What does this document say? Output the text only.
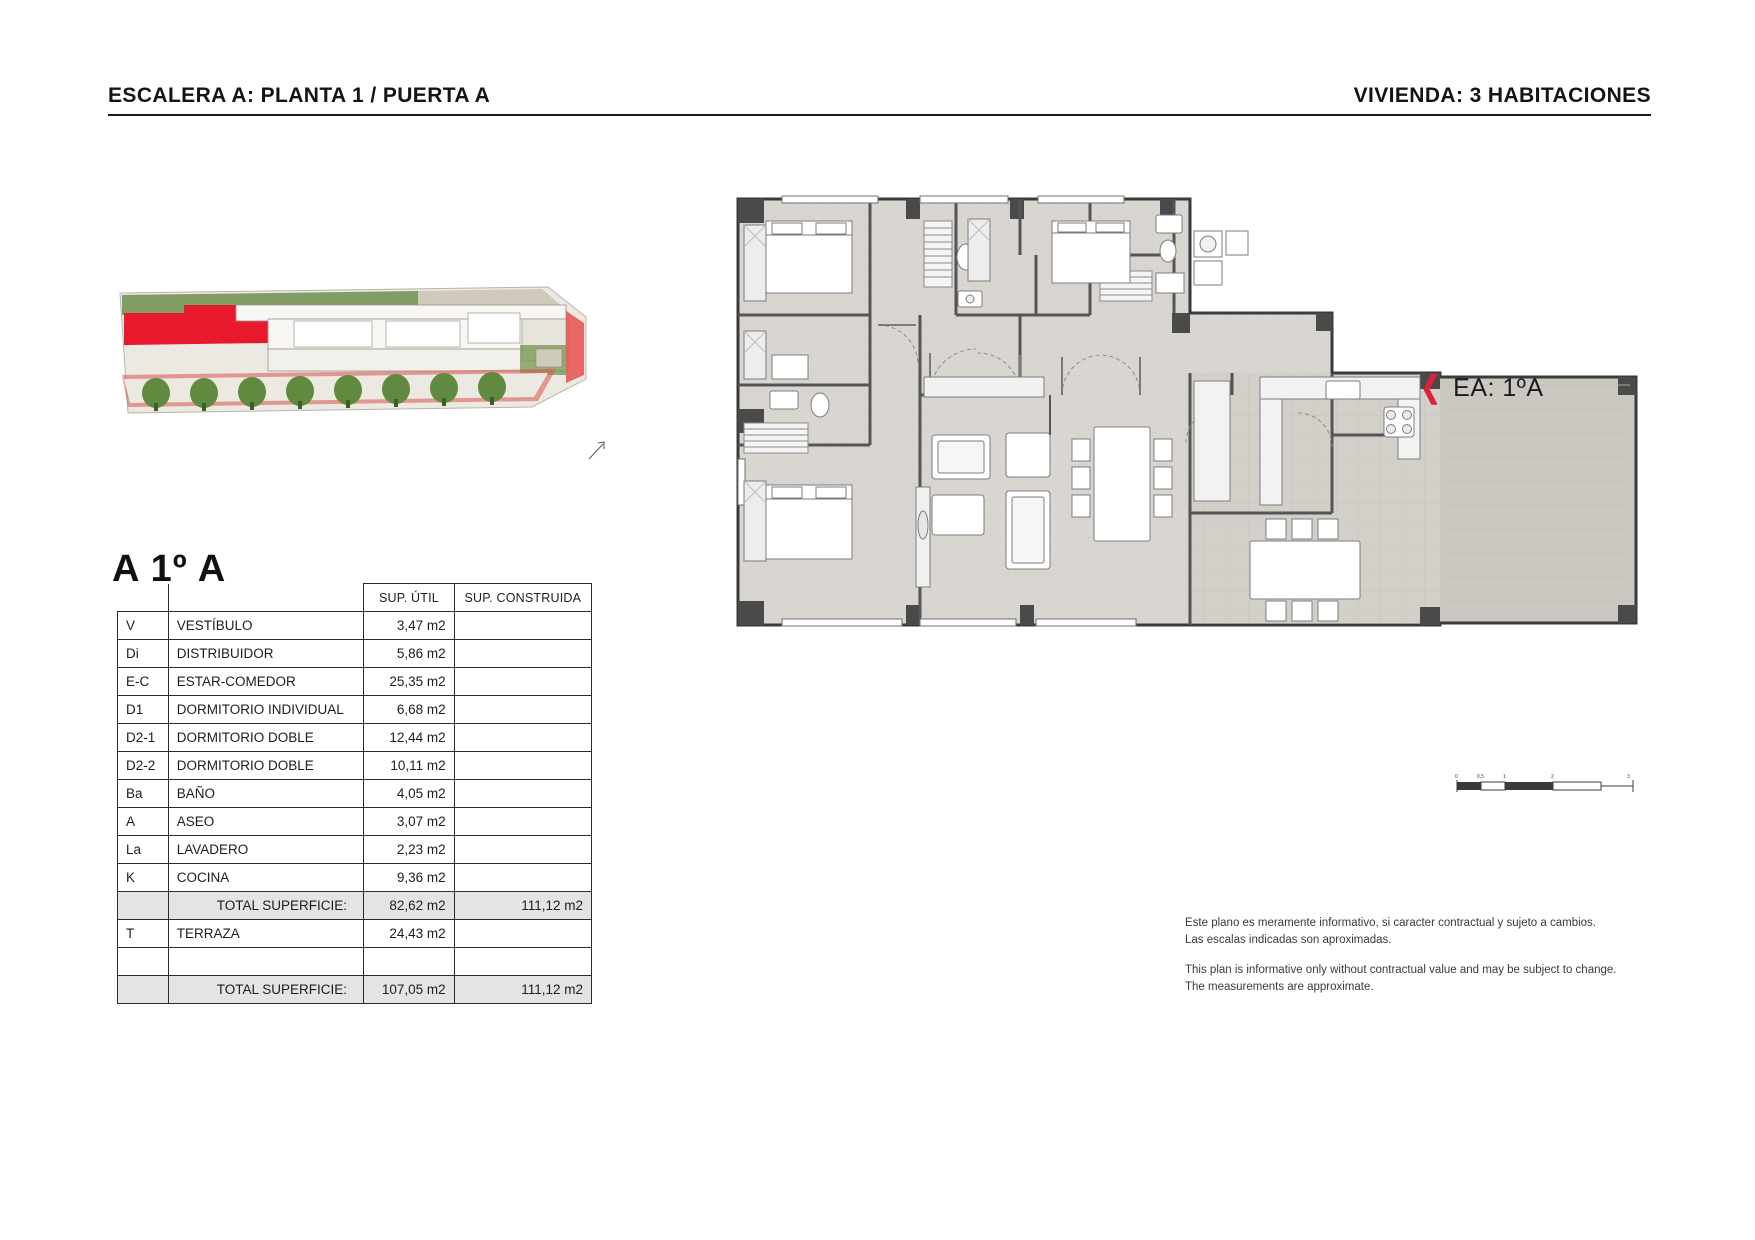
ESCALERA A: PLANTA 1 / PUERTA A	VIVIENDA: 3 HABITACIONES
A 1º A
		SUP. ÚTIL	SUP. CONSTRUIDA
V	VESTÍBULO	3,47 m2	
Di	DISTRIBUIDOR	5,86 m2	
E-C	ESTAR-COMEDOR	25,35 m2	
D1	DORMITORIO INDIVIDUAL	6,68 m2	
D2-1	DORMITORIO DOBLE	12,44 m2	
D2-2	DORMITORIO DOBLE	10,11 m2	
Ba	BAÑO	4,05 m2	
A	ASEO	3,07 m2	
La	LAVADERO	2,23 m2	
K	COCINA	9,36 m2	
	TOTAL SUPERFICIE:	82,62 m2	111,12 m2
T	TERRAZA	24,43 m2	

	TOTAL SUPERFICIE:	107,05 m2	111,12 m2
❮ EA: 1ºA
0	0,5	1	2	3

Este plano es meramente informativo, si caracter contractual y sujeto a cambios.
Las escalas indicadas son aproximadas.

This plan is informative only without contractual value and may be subject to change.
The measurements are approximate.
